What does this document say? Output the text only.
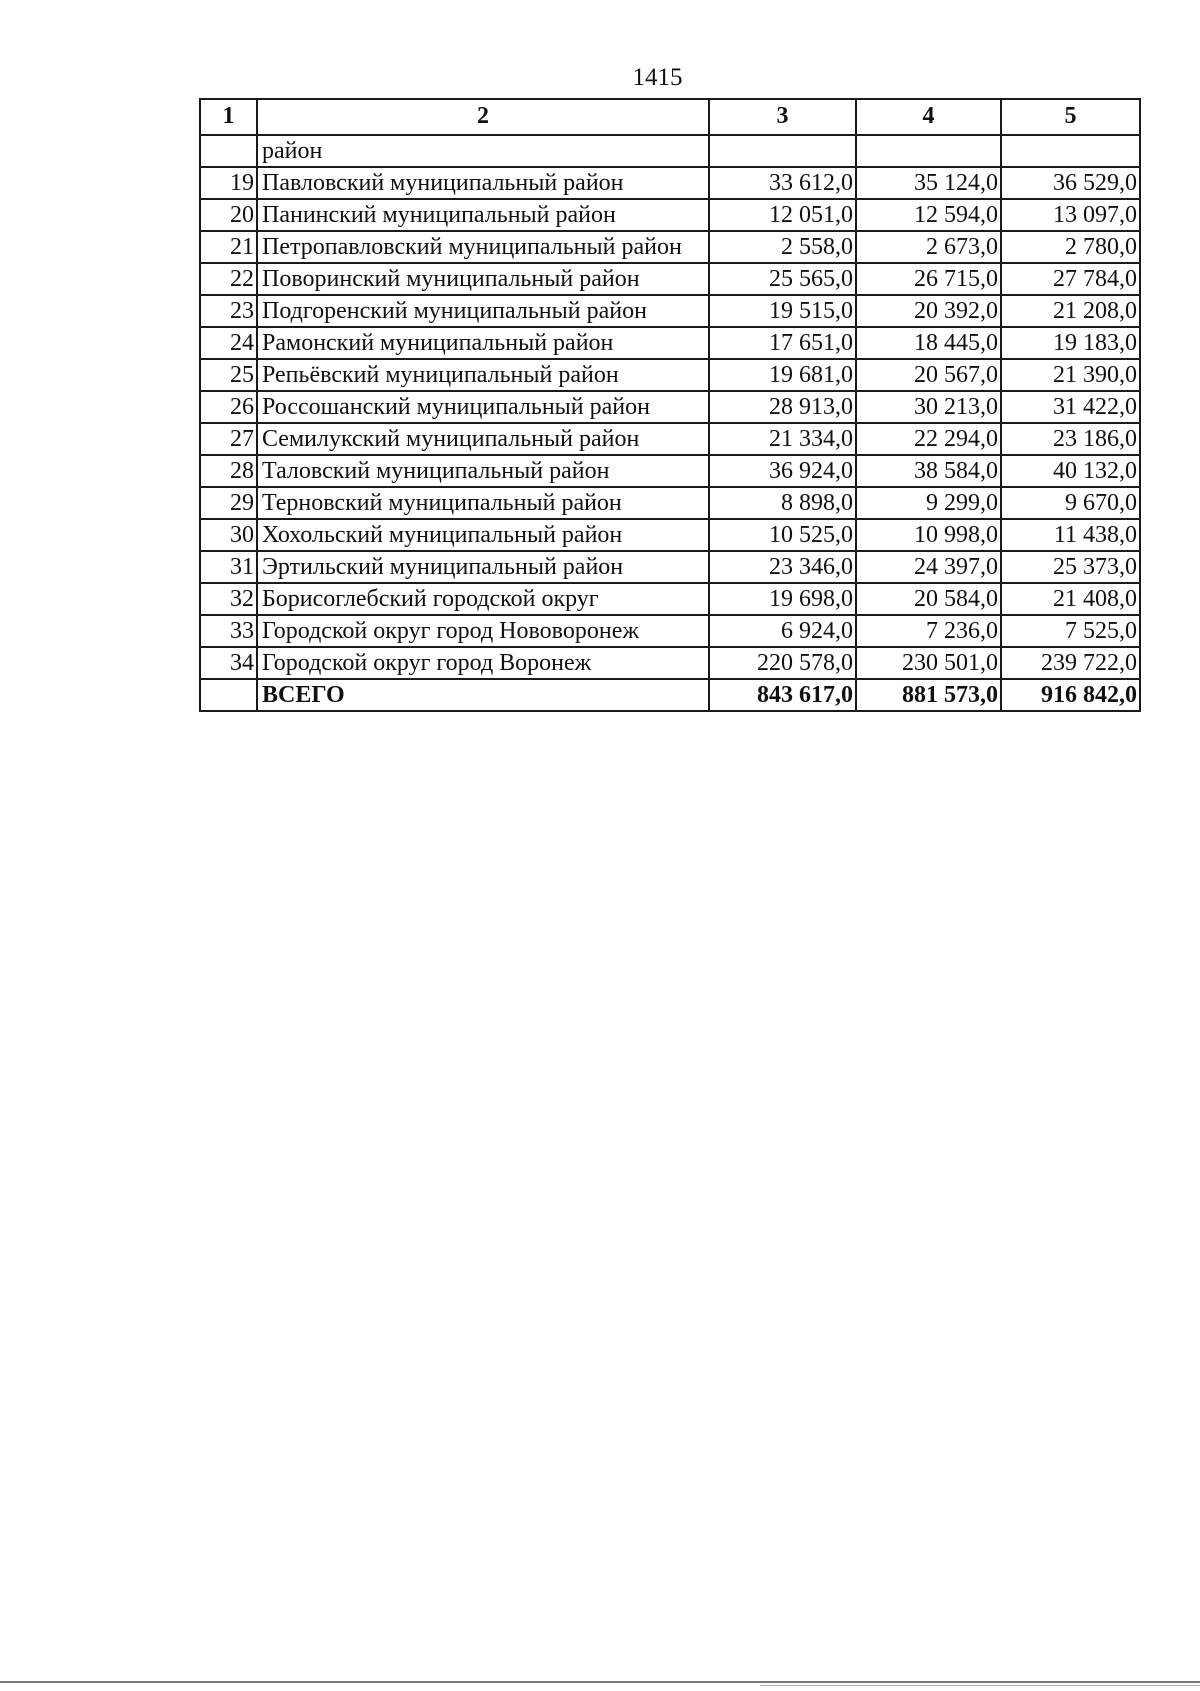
1415
1	2	3	4	5
	район			
19	Павловский муниципальный район	33 612,0	35 124,0	36 529,0
20	Панинский муниципальный район	12 051,0	12 594,0	13 097,0
21	Петропавловский муниципальный район	2 558,0	2 673,0	2 780,0
22	Поворинский муниципальный район	25 565,0	26 715,0	27 784,0
23	Подгоренский муниципальный район	19 515,0	20 392,0	21 208,0
24	Рамонский муниципальный район	17 651,0	18 445,0	19 183,0
25	Репьёвский муниципальный район	19 681,0	20 567,0	21 390,0
26	Россошанский муниципальный район	28 913,0	30 213,0	31 422,0
27	Семилукский муниципальный район	21 334,0	22 294,0	23 186,0
28	Таловский муниципальный район	36 924,0	38 584,0	40 132,0
29	Терновский муниципальный район	8 898,0	9 299,0	9 670,0
30	Хохольский муниципальный район	10 525,0	10 998,0	11 438,0
31	Эртильский муниципальный район	23 346,0	24 397,0	25 373,0
32	Борисоглебский городской округ	19 698,0	20 584,0	21 408,0
33	Городской округ город Нововоронеж	6 924,0	7 236,0	7 525,0
34	Городской округ город Воронеж	220 578,0	230 501,0	239 722,0
	ВСЕГО	843 617,0	881 573,0	916 842,0
